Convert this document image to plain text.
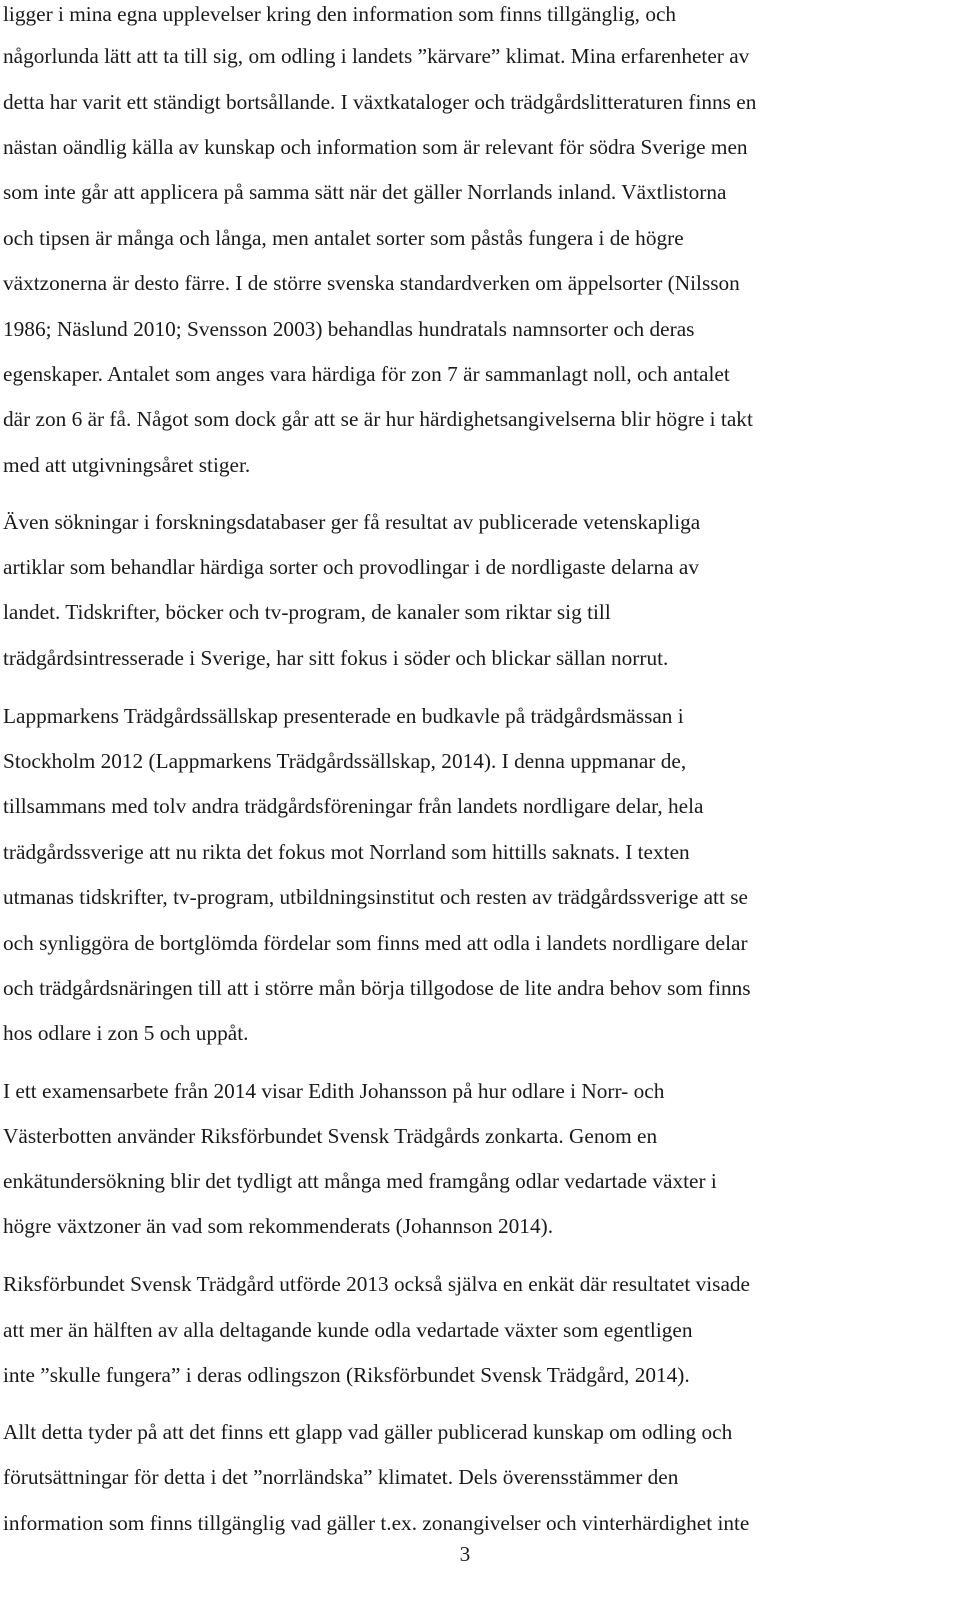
ligger i mina egna upplevelser kring den information som finns tillgänglig, och
någorlunda lätt att ta till sig, om odling i landets ”kärvare” klimat. Mina erfarenheter av
detta har varit ett ständigt bortsållande. I växtkataloger och trädgårdslitteraturen finns en
nästan oändlig källa av kunskap och information som är relevant för södra Sverige men
som inte går att applicera på samma sätt när det gäller Norrlands inland. Växtlistorna
och tipsen är många och långa, men antalet sorter som påstås fungera i de högre
växtzonerna är desto färre. I de större svenska standardverken om äppelsorter (Nilsson
1986; Näslund 2010; Svensson 2003) behandlas hundratals namnsorter och deras
egenskaper. Antalet som anges vara härdiga för zon 7 är sammanlagt noll, och antalet
där zon 6 är få. Något som dock går att se är hur härdighetsangivelserna blir högre i takt
med att utgivningsåret stiger.
Även sökningar i forskningsdatabaser ger få resultat av publicerade vetenskapliga
artiklar som behandlar härdiga sorter och provodlingar i de nordligaste delarna av
landet. Tidskrifter, böcker och tv-program, de kanaler som riktar sig till
trädgårdsintresserade i Sverige, har sitt fokus i söder och blickar sällan norrut.
Lappmarkens Trädgårdssällskap presenterade en budkavle på trädgårdsmässan i
Stockholm 2012 (Lappmarkens Trädgårdssällskap, 2014). I denna uppmanar de,
tillsammans med tolv andra trädgårdsföreningar från landets nordligare delar, hela
trädgårdssverige att nu rikta det fokus mot Norrland som hittills saknats. I texten
utmanas tidskrifter, tv-program, utbildningsinstitut och resten av trädgårdssverige att se
och synliggöra de bortglömda fördelar som finns med att odla i landets nordligare delar
och trädgårdsnäringen till att i större mån börja tillgodose de lite andra behov som finns
hos odlare i zon 5 och uppåt.
I ett examensarbete från 2014 visar Edith Johansson på hur odlare i Norr- och
Västerbotten använder Riksförbundet Svensk Trädgårds zonkarta. Genom en
enkätundersökning blir det tydligt att många med framgång odlar vedartade växter i
högre växtzoner än vad som rekommenderats (Johannson 2014).
Riksförbundet Svensk Trädgård utförde 2013 också själva en enkät där resultatet visade
att mer än hälften av alla deltagande kunde odla vedartade växter som egentligen
inte ”skulle fungera” i deras odlingszon (Riksförbundet Svensk Trädgård, 2014).
Allt detta tyder på att det finns ett glapp vad gäller publicerad kunskap om odling och
förutsättningar för detta i det ”norrländska” klimatet. Dels överensstämmer den
information som finns tillgänglig vad gäller t.ex. zonangivelser och vinterhärdighet inte
3
